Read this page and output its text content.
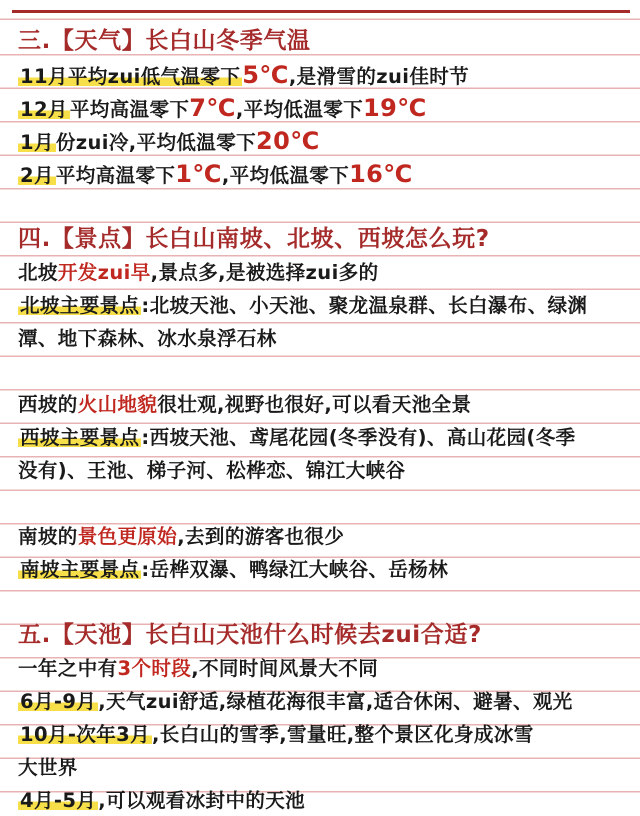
三.【天气】长白山冬季气温
11月平均zui低气温零下5℃,是滑雪的zui佳时节
12月 平均高温零下7℃,平均低温零下19℃
1月 份zui冷,平均低温零下20℃
2月 平均高温零下1℃,平均低温零下16℃
四.【景点】长白山南坡、北坡、西坡怎么玩?
北坡开发zui早,景点多,是被选择zui多的
北坡主要景点 :北坡天池、小天池、聚龙温泉群、长白瀑布、绿渊
潭、地下森林、冰水泉浮石林
西坡的火山地貌很壮观,视野也很好,可以看天池全景
西坡主要景点 :西坡天池、鸢尾花园(冬季没有)、高山花园(冬季
没有)、王池、梯子河、松桦恋、锦江大峡谷
南坡的景色更原始,去到的游客也很少
南坡主要景点 :岳桦双瀑、鸭绿江大峡谷、岳杨林
五.【天池】长白山天池什么时候去zui合适?
一年之中有3个时段,不同时间风景大不同
6月-9月 ,天气zui舒适,绿植花海很丰富,适合休闲、避暑、观光
10月-次年3月 ,长白山的雪季,雪量旺,整个景区化身成冰雪
大世界
4月-5月 ,可以观看冰封中的天池
